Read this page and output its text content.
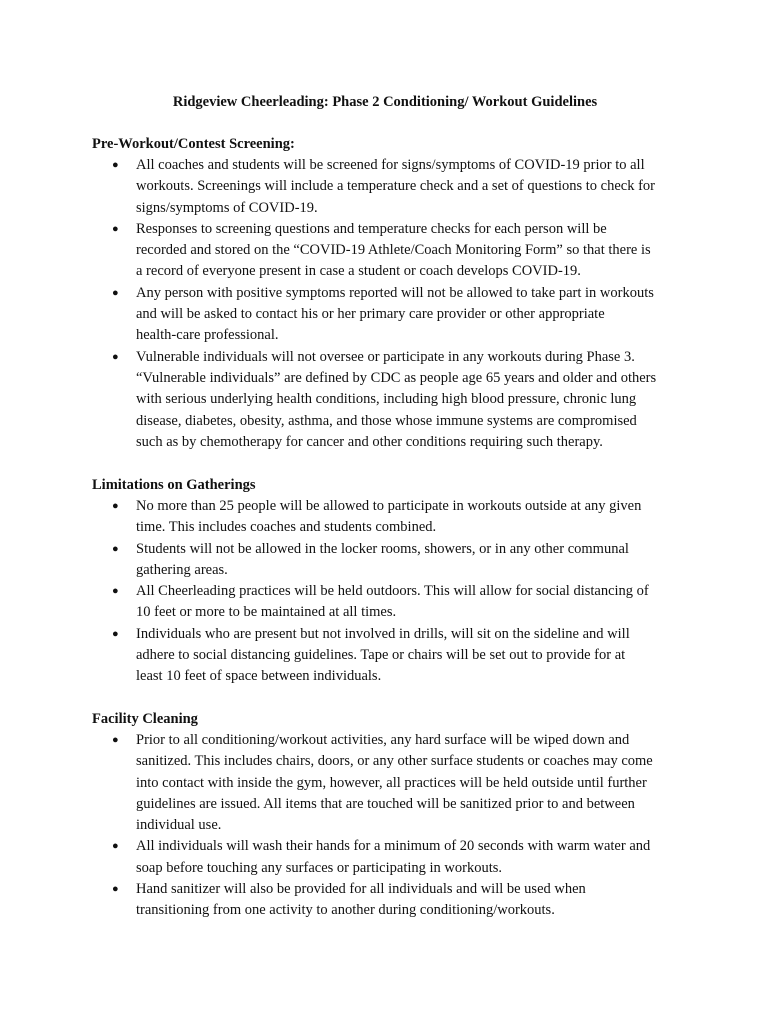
Ridgeview Cheerleading: Phase 2 Conditioning/ Workout Guidelines
Pre-Workout/Contest Screening:
● All coaches and students will be screened for signs/symptoms of COVID-19 prior to all
workouts. Screenings will include a temperature check and a set of questions to check for
signs/symptoms of COVID-19.
● Responses to screening questions and temperature checks for each person will be
recorded and stored on the “COVID-19 Athlete/Coach Monitoring Form” so that there is
a record of everyone present in case a student or coach develops COVID-19.
● Any person with positive symptoms reported will not be allowed to take part in workouts
and will be asked to contact his or her primary care provider or other appropriate
health-care professional.
● Vulnerable individuals will not oversee or participate in any workouts during Phase 3.
“Vulnerable individuals” are defined by CDC as people age 65 years and older and others
with serious underlying health conditions, including high blood pressure, chronic lung
disease, diabetes, obesity, asthma, and those whose immune systems are compromised
such as by chemotherapy for cancer and other conditions requiring such therapy.
Limitations on Gatherings
● No more than 25 people will be allowed to participate in workouts outside at any given
time. This includes coaches and students combined.
● Students will not be allowed in the locker rooms, showers, or in any other communal
gathering areas.
● All Cheerleading practices will be held outdoors. This will allow for social distancing of
10 feet or more to be maintained at all times.
● Individuals who are present but not involved in drills, will sit on the sideline and will
adhere to social distancing guidelines. Tape or chairs will be set out to provide for at
least 10 feet of space between individuals.
Facility Cleaning
● Prior to all conditioning/workout activities, any hard surface will be wiped down and
sanitized. This includes chairs, doors, or any other surface students or coaches may come
into contact with inside the gym, however, all practices will be held outside until further
guidelines are issued. All items that are touched will be sanitized prior to and between
individual use.
● All individuals will wash their hands for a minimum of 20 seconds with warm water and
soap before touching any surfaces or participating in workouts.
● Hand sanitizer will also be provided for all individuals and will be used when
transitioning from one activity to another during conditioning/workouts.
